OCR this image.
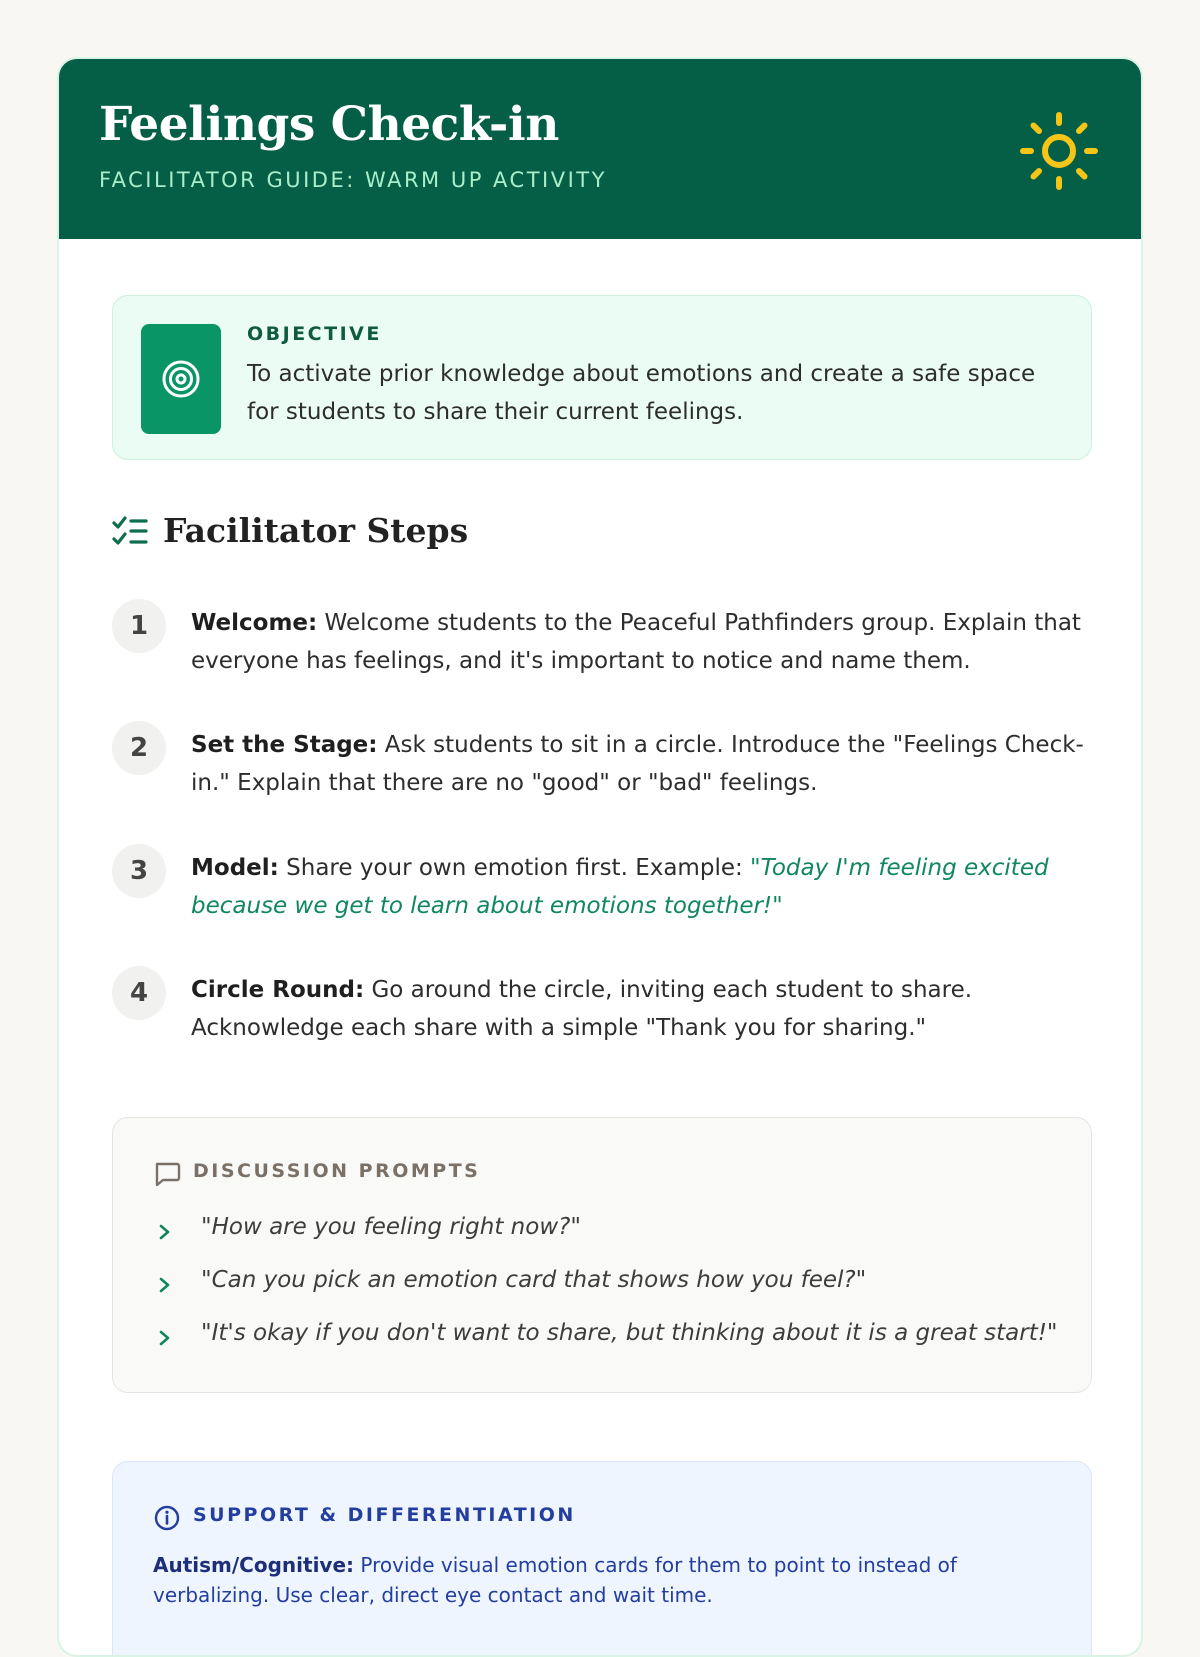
Feelings Check-in
FACILITATOR GUIDE: WARM UP ACTIVITY
OBJECTIVE
To activate prior knowledge about emotions and create a safe space for students to share their current feelings.
Facilitator Steps
1	Welcome: Welcome students to the Peaceful Pathfinders group. Explain that everyone has feelings, and it's important to notice and name them.
2	Set the Stage: Ask students to sit in a circle. Introduce the "Feelings Check-in." Explain that there are no "good" or "bad" feelings.
3	Model: Share your own emotion first. Example: "Today I'm feeling excited because we get to learn about emotions together!"
4	Circle Round: Go around the circle, inviting each student to share. Acknowledge each share with a simple "Thank you for sharing."
DISCUSSION PROMPTS
"How are you feeling right now?"
"Can you pick an emotion card that shows how you feel?"
"It's okay if you don't want to share, but thinking about it is a great start!"
SUPPORT & DIFFERENTIATION
Autism/Cognitive: Provide visual emotion cards for them to point to instead of verbalizing. Use clear, direct eye contact and wait time.
